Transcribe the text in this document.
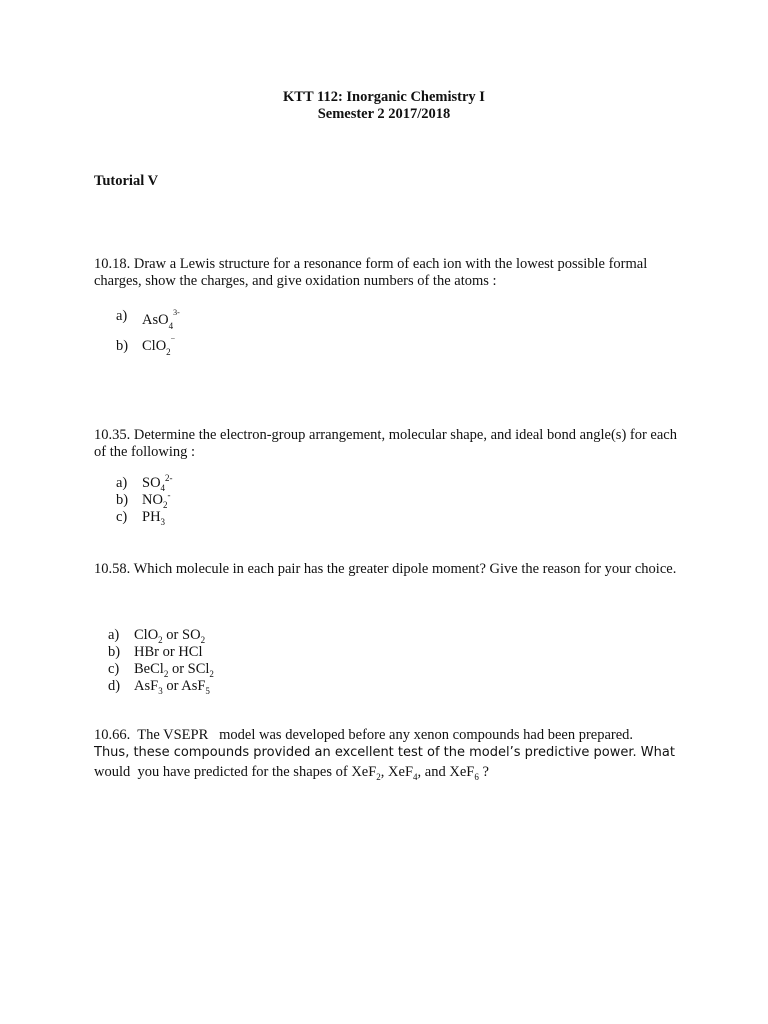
KTT 112: Inorganic Chemistry I
Semester 2 2017/2018
Tutorial V
10.18. Draw a Lewis structure for a resonance form of each ion with the lowest possible formal charges, show the charges, and give oxidation numbers of the atoms :
a) AsO$_4^{3-}$
b) ClO$_2$−
10.35. Determine the electron-group arrangement, molecular shape, and ideal bond angle(s) for each of the following :
a) $SO_4^{2-}$
b) $NO_2^-$
c) $PH_3$
10.58. Which molecule in each pair has the greater dipole moment? Give the reason for your choice.
a) ClO$_2$ or $SO_2$
b) HBr or HCl
c) BeCl$_2$ or SCl$_2$
d) AsF$_3$ or AsF$_5$
10.66.  The VSEPR   model was developed before any xenon compounds had been prepared.
Thus, these compounds provided an excellent test of the model’s predictive power. What
would  you have predicted for the shapes of XeF$_2$, XeF$_4$, and XeF$_6$ ?
